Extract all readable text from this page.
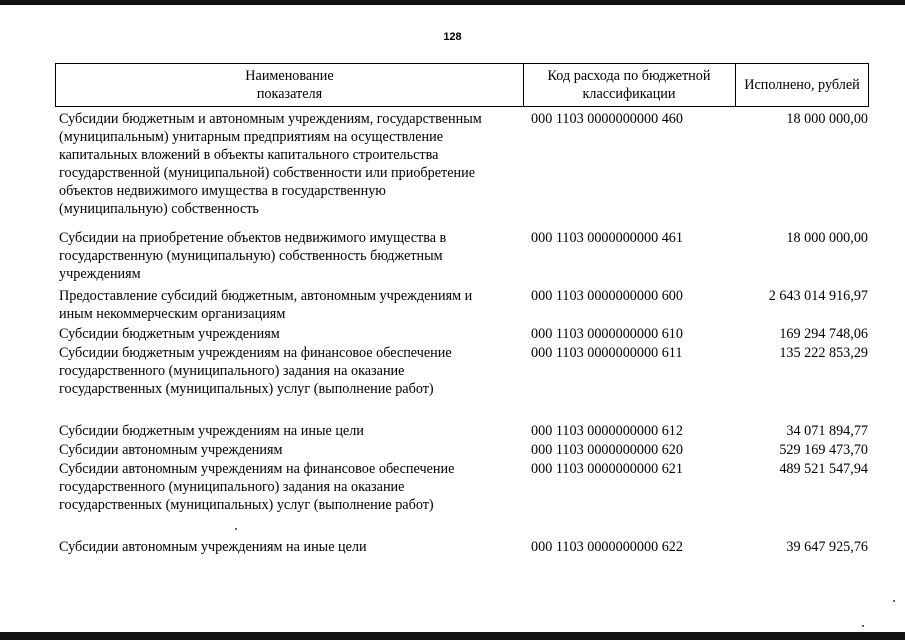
128
Наименование
показателя
Код расхода по бюджетной
классификации
Исполнено, рублей
Субсидии бюджетным и автономным учреждениям, государственным
(муниципальным) унитарным предприятиям на осуществление
капитальных вложений в объекты капитального строительства
государственной (муниципальной) собственности или приобретение
объектов недвижимого имущества в государственную
(муниципальную) собственность
000 1103 0000000000 460	18 000 000,00
Субсидии на приобретение объектов недвижимого имущества в
государственную (муниципальную) собственность бюджетным
учреждениям
000 1103 0000000000 461	18 000 000,00
Предоставление субсидий бюджетным, автономным учреждениям и
иным некоммерческим организациям
000 1103 0000000000 600	2 643 014 916,97
Субсидии бюджетным учреждениям	000 1103 0000000000 610	169 294 748,06
Субсидии бюджетным учреждениям на финансовое обеспечение
государственного (муниципального) задания на оказание
государственных (муниципальных) услуг (выполнение работ)
000 1103 0000000000 611	135 222 853,29
Субсидии бюджетным учреждениям на иные цели	000 1103 0000000000 612	34 071 894,77
Субсидии автономным учреждениям	000 1103 0000000000 620	529 169 473,70
Субсидии автономным учреждениям на финансовое обеспечение
государственного (муниципального) задания на оказание
государственных (муниципальных) услуг (выполнение работ)
000 1103 0000000000 621	489 521 547,94
Субсидии автономным учреждениям на иные цели	000 1103 0000000000 622	39 647 925,76
